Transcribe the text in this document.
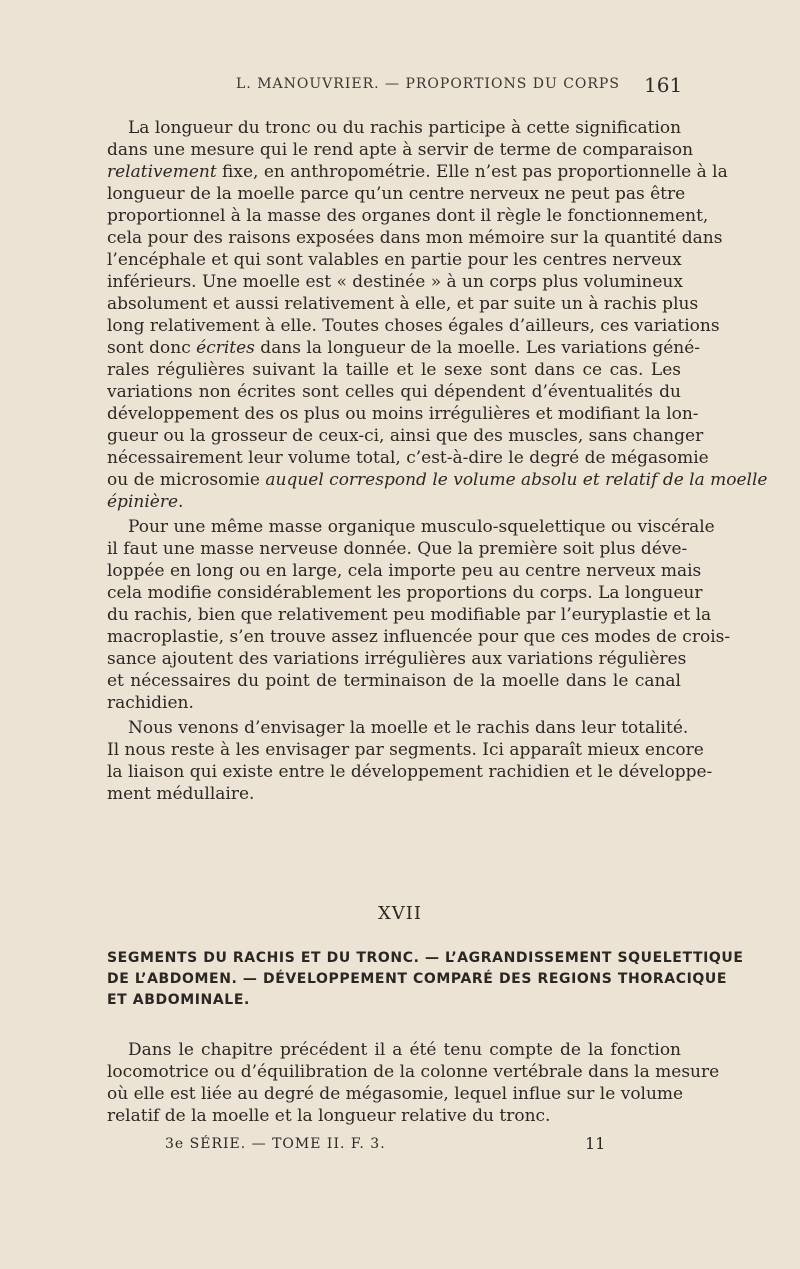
L. MANOUVRIER. — PROPORTIONS DU CORPS 161
La longueur du tronc ou du rachis participe à cette signification
dans une mesure qui le rend apte à servir de terme de comparaison
relativement fixe, en anthropométrie. Elle n’est pas proportionnelle à la
longueur de la moelle parce qu’un centre nerveux ne peut pas être
proportionnel à la masse des organes dont il règle le fonctionnement,
cela pour des raisons exposées dans mon mémoire sur la quantité dans
l’encéphale et qui sont valables en partie pour les centres nerveux
inférieurs. Une moelle est « destinée » à un corps plus volumineux
absolument et aussi relativement à elle, et par suite un à rachis plus
long relativement à elle. Toutes choses égales d’ailleurs, ces variations
sont donc écrites dans la longueur de la moelle. Les variations géné-
rales régulières suivant la taille et le sexe sont dans ce cas. Les
variations non écrites sont celles qui dépendent d’éventualités du
développement des os plus ou moins irrégulières et modifiant la lon-
gueur ou la grosseur de ceux-ci, ainsi que des muscles, sans changer
nécessairement leur volume total, c’est-à-dire le degré de mégasomie
ou de microsomie auquel correspond le volume absolu et relatif de la moelle
épinière.
Pour une même masse organique musculo-squelettique ou viscérale
il faut une masse nerveuse donnée. Que la première soit plus déve-
loppée en long ou en large, cela importe peu au centre nerveux mais
cela modifie considérablement les proportions du corps. La longueur
du rachis, bien que relativement peu modifiable par l’euryplastie et la
macroplastie, s’en trouve assez influencée pour que ces modes de crois-
sance ajoutent des variations irrégulières aux variations régulières
et nécessaires du point de terminaison de la moelle dans le canal
rachidien.
Nous venons d’envisager la moelle et le rachis dans leur totalité.
Il nous reste à les envisager par segments. Ici apparaît mieux encore
la liaison qui existe entre le développement rachidien et le développe-
ment médullaire.
XVII
SEGMENTS DU RACHIS ET DU TRONC. — L’AGRANDISSEMENT SQUELETTIQUE
DE L’ABDOMEN. — DÉVELOPPEMENT COMPARÉ DES REGIONS THORACIQUE
ET ABDOMINALE.
Dans le chapitre précédent il a été tenu compte de la fonction
locomotrice ou d’équilibration de la colonne vertébrale dans la mesure
où elle est liée au degré de mégasomie, lequel influe sur le volume
relatif de la moelle et la longueur relative du tronc.
3e SÉRIE. — TOME II. F. 3.	11
